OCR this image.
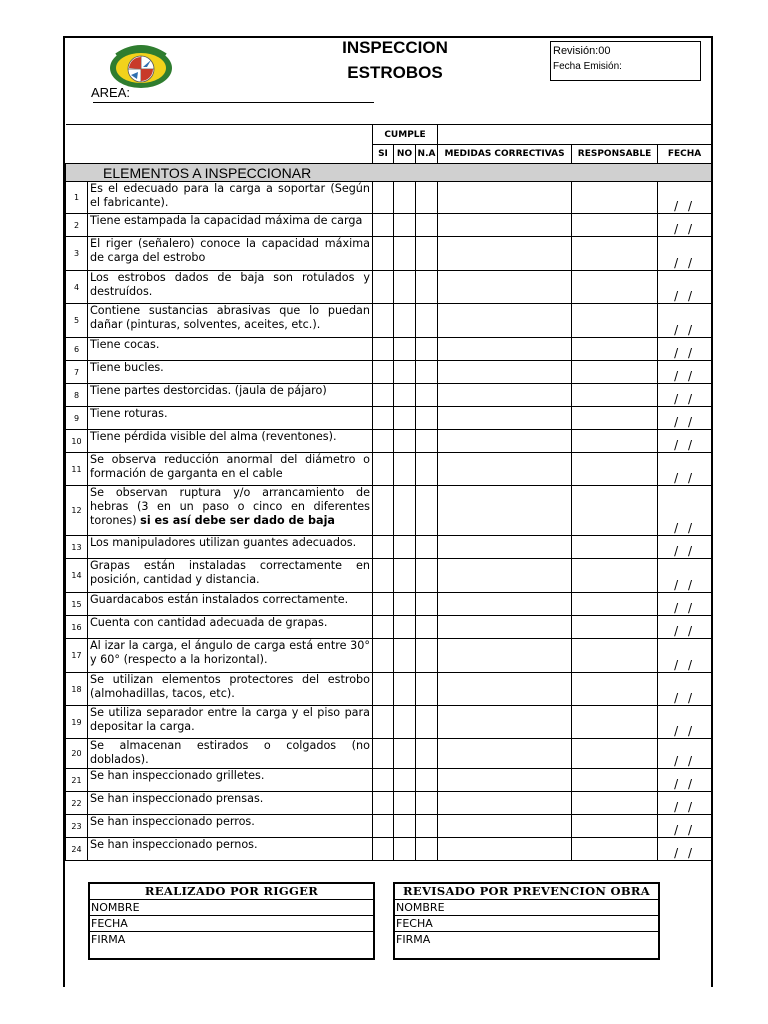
INSPECCION
ESTROBOS
Revisión:00
Fecha Emisión:
AREA:
		CUMPLE					
		SI	NO	N.A	MEDIDAS CORRECTIVAS	RESPONSABLE	FECHA
ELEMENTOS A INSPECCIONAR							
1	Es el edecuado para la carga a soportar (Según el fabricante).						/ /
2	Tiene estampada la capacidad máxima de carga						/ /
3	El riger (señalero) conoce la capacidad máxima de carga del estrobo						/ /
4	Los estrobos dados de baja son rotulados y destruídos.						/ /
5	Contiene sustancias abrasivas que lo puedan dañar (pinturas, solventes, aceites, etc.).						/ /
6	Tiene cocas.						/ /
7	Tiene bucles.						/ /
8	Tiene partes destorcidas. (jaula de pájaro)						/ /
9	Tiene roturas.						/ /
10	Tiene pérdida visible del alma (reventones).						/ /
11	Se observa reducción anormal del diámetro o formación de garganta en el cable						/ /
12	Se observan ruptura y/o arrancamiento de hebras (3 en un paso o cinco en diferentes torones) si es así debe ser dado de baja						/ /
13	Los manipuladores utilizan guantes adecuados.						/ /
14	Grapas están instaladas correctamente en posición, cantidad y distancia.						/ /
15	Guardacabos están instalados correctamente.						/ /
16	Cuenta con cantidad adecuada de grapas.						/ /
17	Al izar la carga, el ángulo de carga está entre 30° y 60° (respecto a la horizontal).						/ /
18	Se utilizan elementos protectores del estrobo (almohadillas, tacos, etc).						/ /
19	Se utiliza separador entre la carga y el piso para depositar la carga.						/ /
20	Se almacenan estirados o colgados (no doblados).						/ /
21	Se han inspeccionado grilletes.						/ /
22	Se han inspeccionado prensas.						/ /
23	Se han inspeccionado perros.						/ /
24	Se han inspeccionado pernos.						/ /
REALIZADO POR RIGGER
NOMBRE
FECHA
FIRMA
REVISADO POR PREVENCION OBRA
NOMBRE
FECHA
FIRMA
